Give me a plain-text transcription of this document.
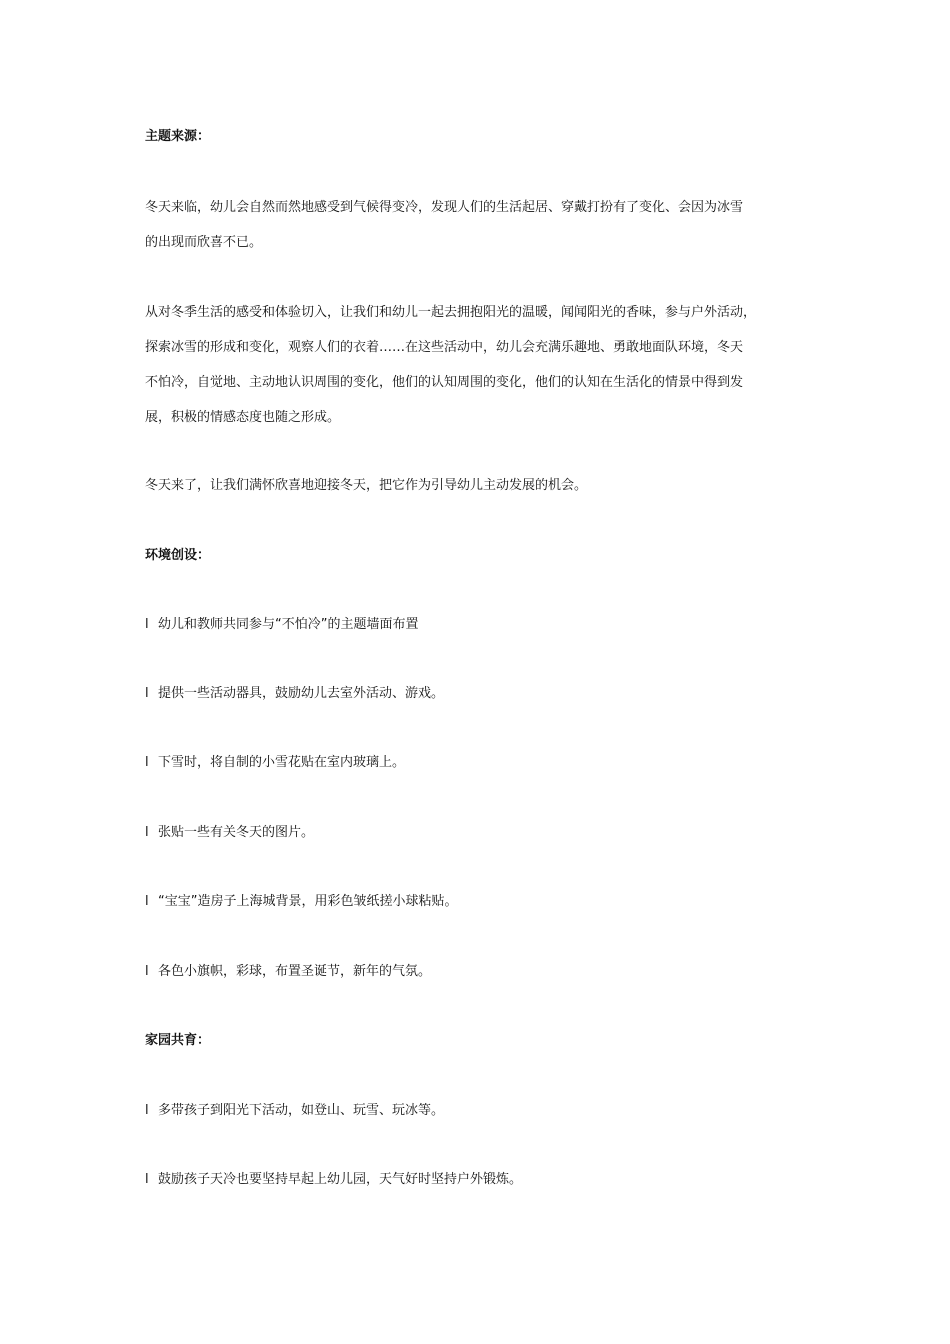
主题来源：
冬天来临，幼儿会自然而然地感受到气候得变冷，发现人们的生活起居、穿戴打扮有了变化、会因为冰雪
的出现而欣喜不已。
从对冬季生活的感受和体验切入，让我们和幼儿一起去拥抱阳光的温暖，闻闻阳光的香味，参与户外活动，
探索冰雪的形成和变化，观察人们的衣着……在这些活动中，幼儿会充满乐趣地、勇敢地面队环境，冬天
不怕冷，自觉地、主动地认识周围的变化，他们的认知周围的变化，他们的认知在生活化的情景中得到发
展，积极的情感态度也随之形成。
冬天来了，让我们满怀欣喜地迎接冬天，把它作为引导幼儿主动发展的机会。
环境创设：
l 幼儿和教师共同参与“不怕冷”的主题墙面布置
l 提供一些活动器具，鼓励幼儿去室外活动、游戏。
l 下雪时，将自制的小雪花贴在室内玻璃上。
l 张贴一些有关冬天的图片。
l “宝宝”造房子上海城背景，用彩色皱纸搓小球粘贴。
l 各色小旗帜，彩球，布置圣诞节，新年的气氛。
家园共育：
l 多带孩子到阳光下活动，如登山、玩雪、玩冰等。
l 鼓励孩子天冷也要坚持早起上幼儿园，天气好时坚持户外锻炼。
